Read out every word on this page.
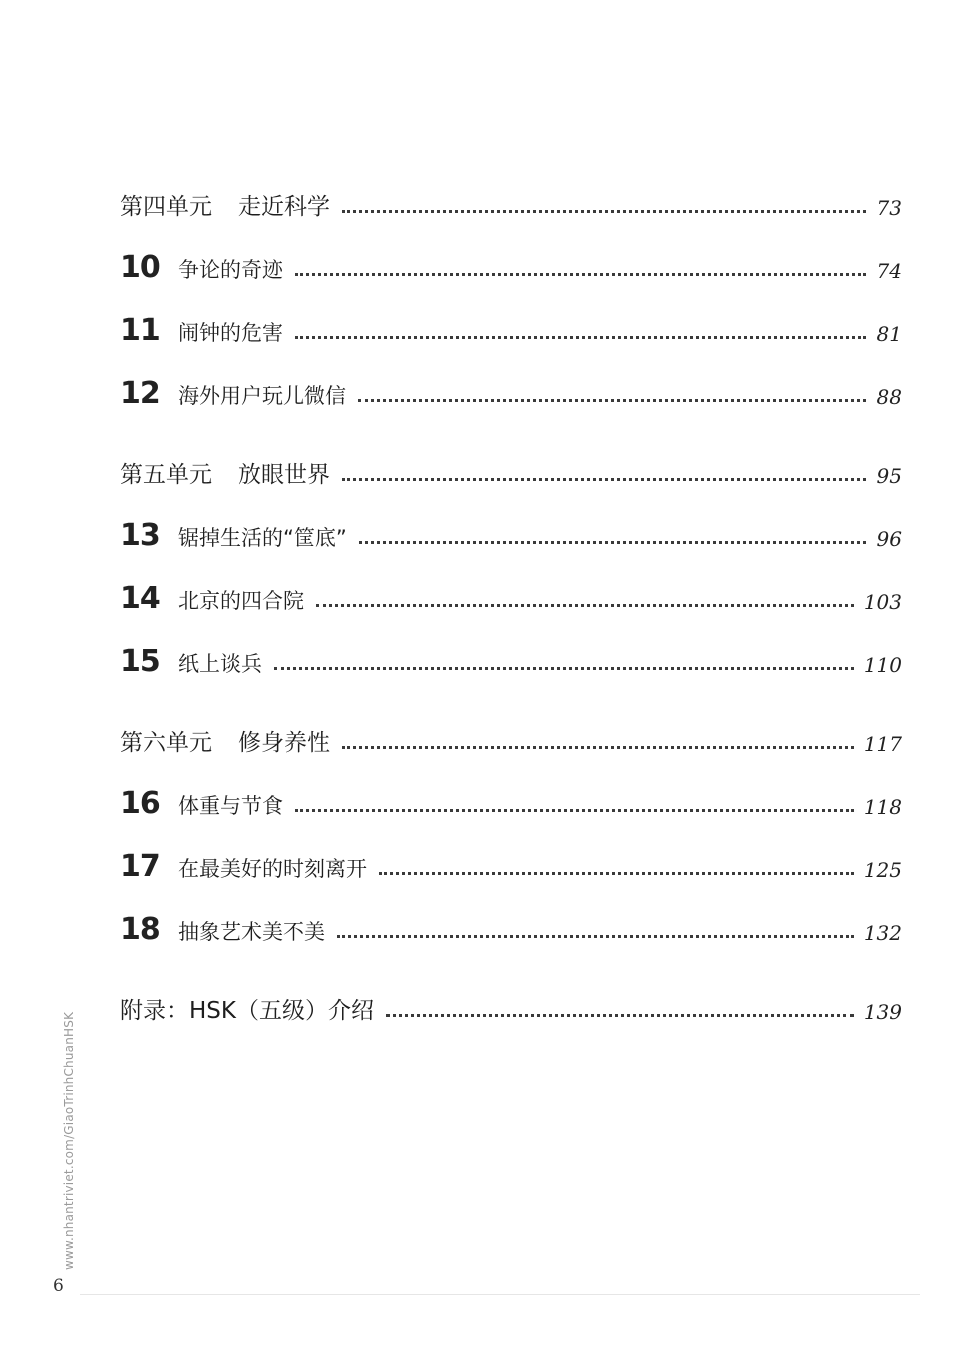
第四单元 走近科学	73
10 争论的奇迹	74
11 闹钟的危害	81
12 海外用户玩儿微信	88
第五单元 放眼世界	95
13 锯掉生活的“筐底”	96
14 北京的四合院	103
15 纸上谈兵	110
第六单元 修身养性	117
16 体重与节食	118
17 在最美好的时刻离开	125
18 抽象艺术美不美	132
附录：HSK（五级）介绍	139
www.nhantriviet.com/GiaoTrinhChuanHSK
6
